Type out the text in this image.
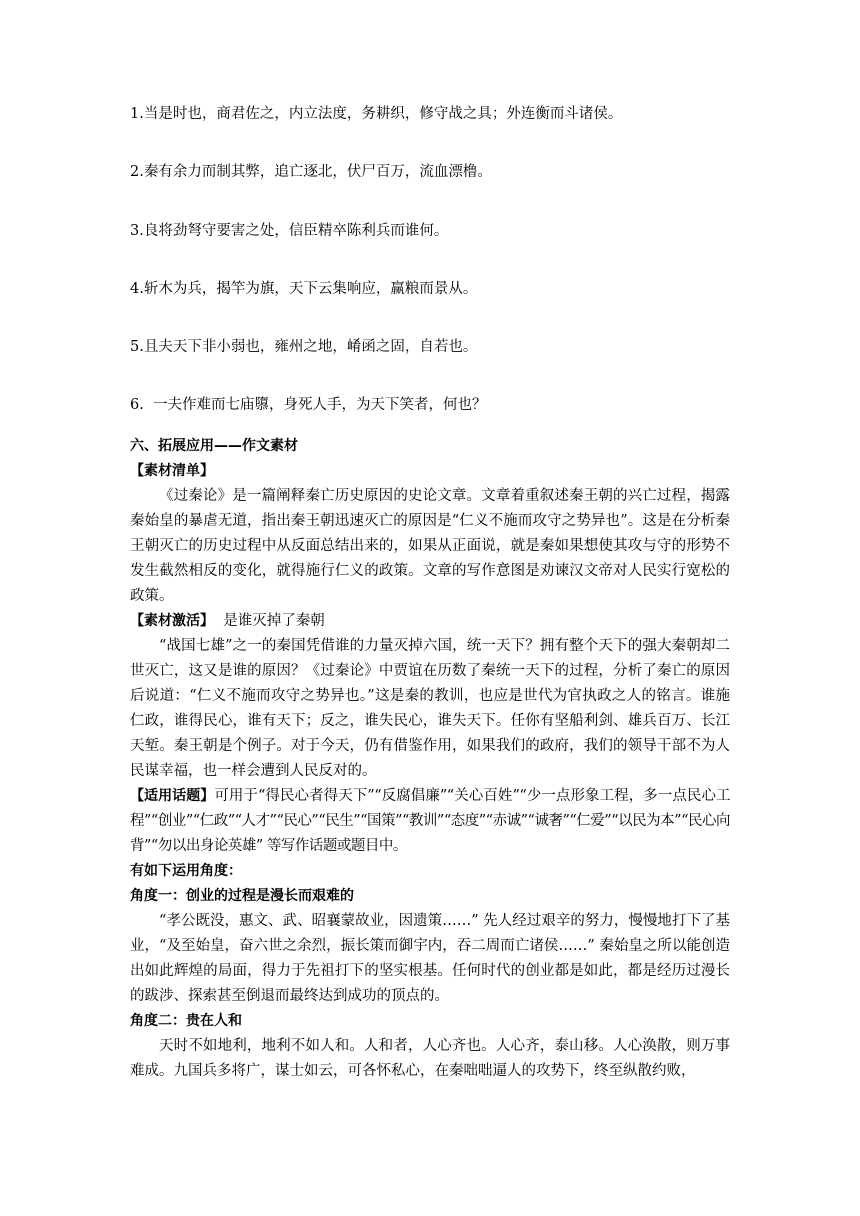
1.当是时也，商君佐之，内立法度，务耕织，修守战之具；外连衡而斗诸侯。
2.秦有余力而制其弊，追亡逐北，伏尸百万，流血漂橹。
3.良将劲弩守要害之处，信臣精卒陈利兵而谁何。
4.斩木为兵，揭竿为旗，天下云集响应，赢粮而景从。
5.且夫天下非小弱也，雍州之地，崤函之固，自若也。
6.  一夫作难而七庙隳，身死人手，为天下笑者，何也？
六、拓展应用——作文素材
【素材清单】

《过秦论》是一篇阐释秦亡历史原因的史论文章。文章着重叙述秦王朝的兴亡过程，揭露秦始皇的暴虐无道，指出秦王朝迅速灭亡的原因是“仁义不施而攻守之势异也”。这是在分析秦王朝灭亡的历史过程中从反面总结出来的，如果从正面说，就是秦如果想使其攻与守的形势不发生截然相反的变化，就得施行仁义的政策。文章的写作意图是劝谏汉文帝对人民实行宽松的政策。

【素材激活】  是谁灭掉了秦朝

“战国七雄”之一的秦国凭借谁的力量灭掉六国，统一天下？拥有整个天下的强大秦朝却二世灭亡，这又是谁的原因？《过秦论》中贾谊在历数了秦统一天下的过程，分析了秦亡的原因后说道：“仁义不施而攻守之势异也。”这是秦的教训，也应是世代为官执政之人的铭言。谁施仁政，谁得民心，谁有天下；反之，谁失民心，谁失天下。任你有坚船利剑、雄兵百万、长江天堑。秦王朝是个例子。对于今天，仍有借鉴作用，如果我们的政府，我们的领导干部不为人民谋幸福，也一样会遭到人民反对的。

【适用话题】可用于“得民心者得天下”“反腐倡廉”“关心百姓”“少一点形象工程，多一点民心工程”“创业”“仁政”“人才”“民心”“民生”“国策”“教训”“态度”“赤诚”“诚奢”“仁爱”“以民为本”“民心向背”“勿以出身论英雄” 等写作话题或题目中。

有如下运用角度：
角度一：创业的过程是漫长而艰难的

“孝公既没，惠文、武、昭襄蒙故业，因遗策……” 先人经过艰辛的努力，慢慢地打下了基业，“及至始皇，奋六世之余烈，振长策而御宇内，吞二周而亡诸侯……” 秦始皇之所以能创造出如此辉煌的局面，得力于先祖打下的坚实根基。任何时代的创业都是如此，都是经历过漫长的跋涉、探索甚至倒退而最终达到成功的顶点的。

角度二：贵在人和

天时不如地利，地利不如人和。人和者，人心齐也。人心齐，泰山移。人心涣散，则万事难成。九国兵多将广，谋士如云，可各怀私心，在秦咄咄逼人的攻势下，终至纵散约败，
